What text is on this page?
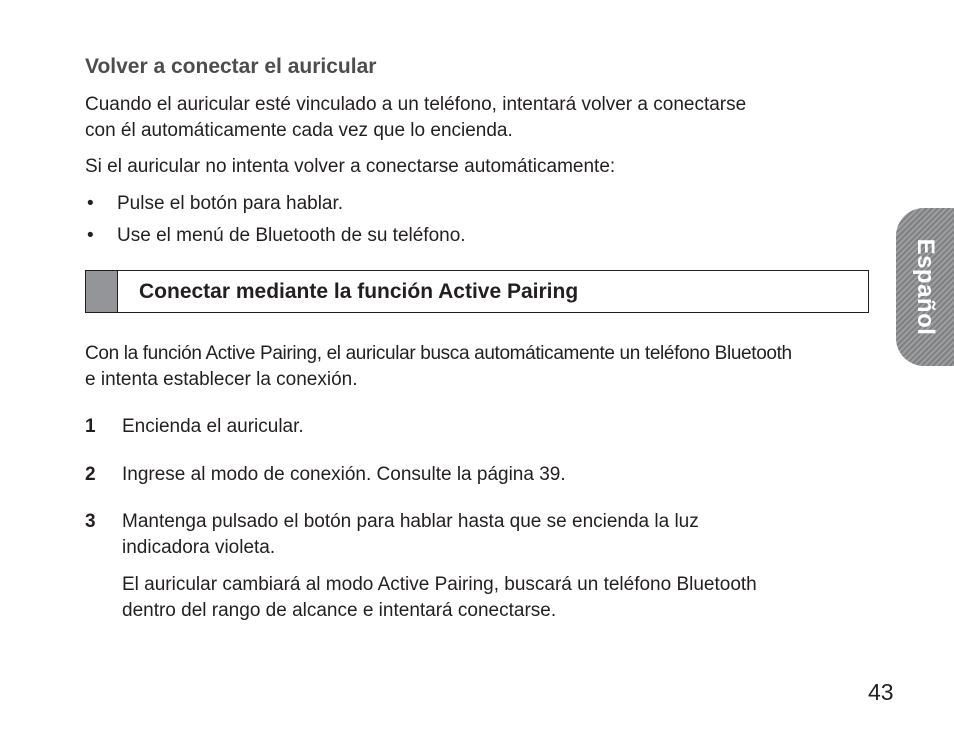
Volver a conectar el auricular
Cuando el auricular esté vinculado a un teléfono, intentará volver a conectarse
con él automáticamente cada vez que lo encienda.
Si el auricular no intenta volver a conectarse automáticamente:
• Pulse el botón para hablar.
• Use el menú de Bluetooth de su teléfono.
Conectar mediante la función Active Pairing
Con la función Active Pairing, el auricular busca automáticamente un teléfono Bluetooth
e intenta establecer la conexión.
1 Encienda el auricular.
2 Ingrese al modo de conexión. Consulte la página 39.
3 Mantenga pulsado el botón para hablar hasta que se encienda la luz
indicadora violeta.
El auricular cambiará al modo Active Pairing, buscará un teléfono Bluetooth
dentro del rango de alcance e intentará conectarse.
Español
43
